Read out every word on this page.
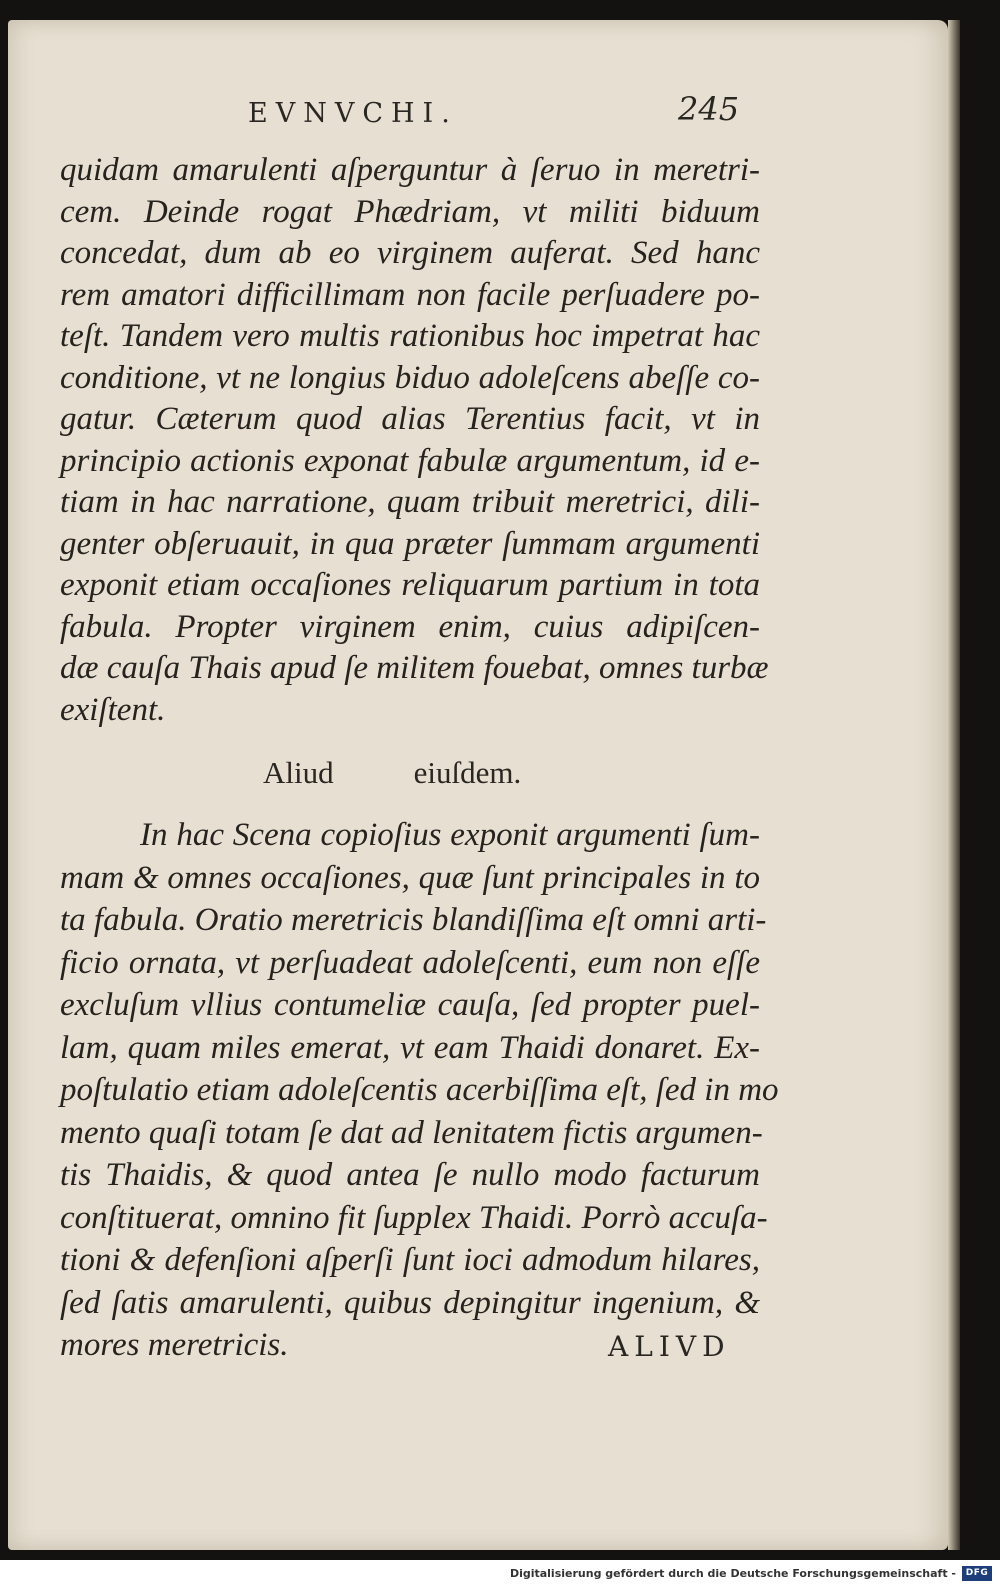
EVNVCHI.	245
quidam amarulenti aſperguntur à ſeruo in meretri-
cem. Deinde rogat Phædriam, vt militi biduum
concedat, dum ab eo virginem auferat. Sed hanc
rem amatori difficillimam non facile perſuadere po-
teſt. Tandem vero multis rationibus hoc impetrat hac
conditione, vt ne longius biduo adoleſcens abeſſe co-
gatur. Cæterum quod alias Terentius facit, vt in
principio actionis exponat fabulæ argumentum, id e-
tiam in hac narratione, quam tribuit meretrici, dili-
genter obſeruauit, in qua præter ſummam argumenti
exponit etiam occaſiones reliquarum partium in tota
fabula. Propter virginem enim, cuius adipiſcen-
dæ cauſa Thais apud ſe militem fouebat, omnes turbæ
exiſtent.
Aliud	eiuſdem.
In hac Scena copioſius exponit argumenti ſum-
mam & omnes occaſiones, quæ ſunt principales in to
ta fabula. Oratio meretricis blandiſſima eſt omni arti-
ficio ornata, vt perſuadeat adoleſcenti, eum non eſſe
excluſum vllius contumeliæ cauſa, ſed propter puel-
lam, quam miles emerat, vt eam Thaidi donaret. Ex-
poſtulatio etiam adoleſcentis acerbiſſima eſt, ſed in mo
mento quaſi totam ſe dat ad lenitatem fictis argumen-
tis Thaidis, & quod antea ſe nullo modo facturum
conſtituerat, omnino fit ſupplex Thaidi. Porrò accuſa-
tioni & defenſioni aſperſi ſunt ioci admodum hilares,
ſed ſatis amarulenti, quibus depingitur ingenium, &
mores meretricis.	ALIVD
Digitalisierung gefördert durch die Deutsche Forschungsgemeinschaft -	DFG
